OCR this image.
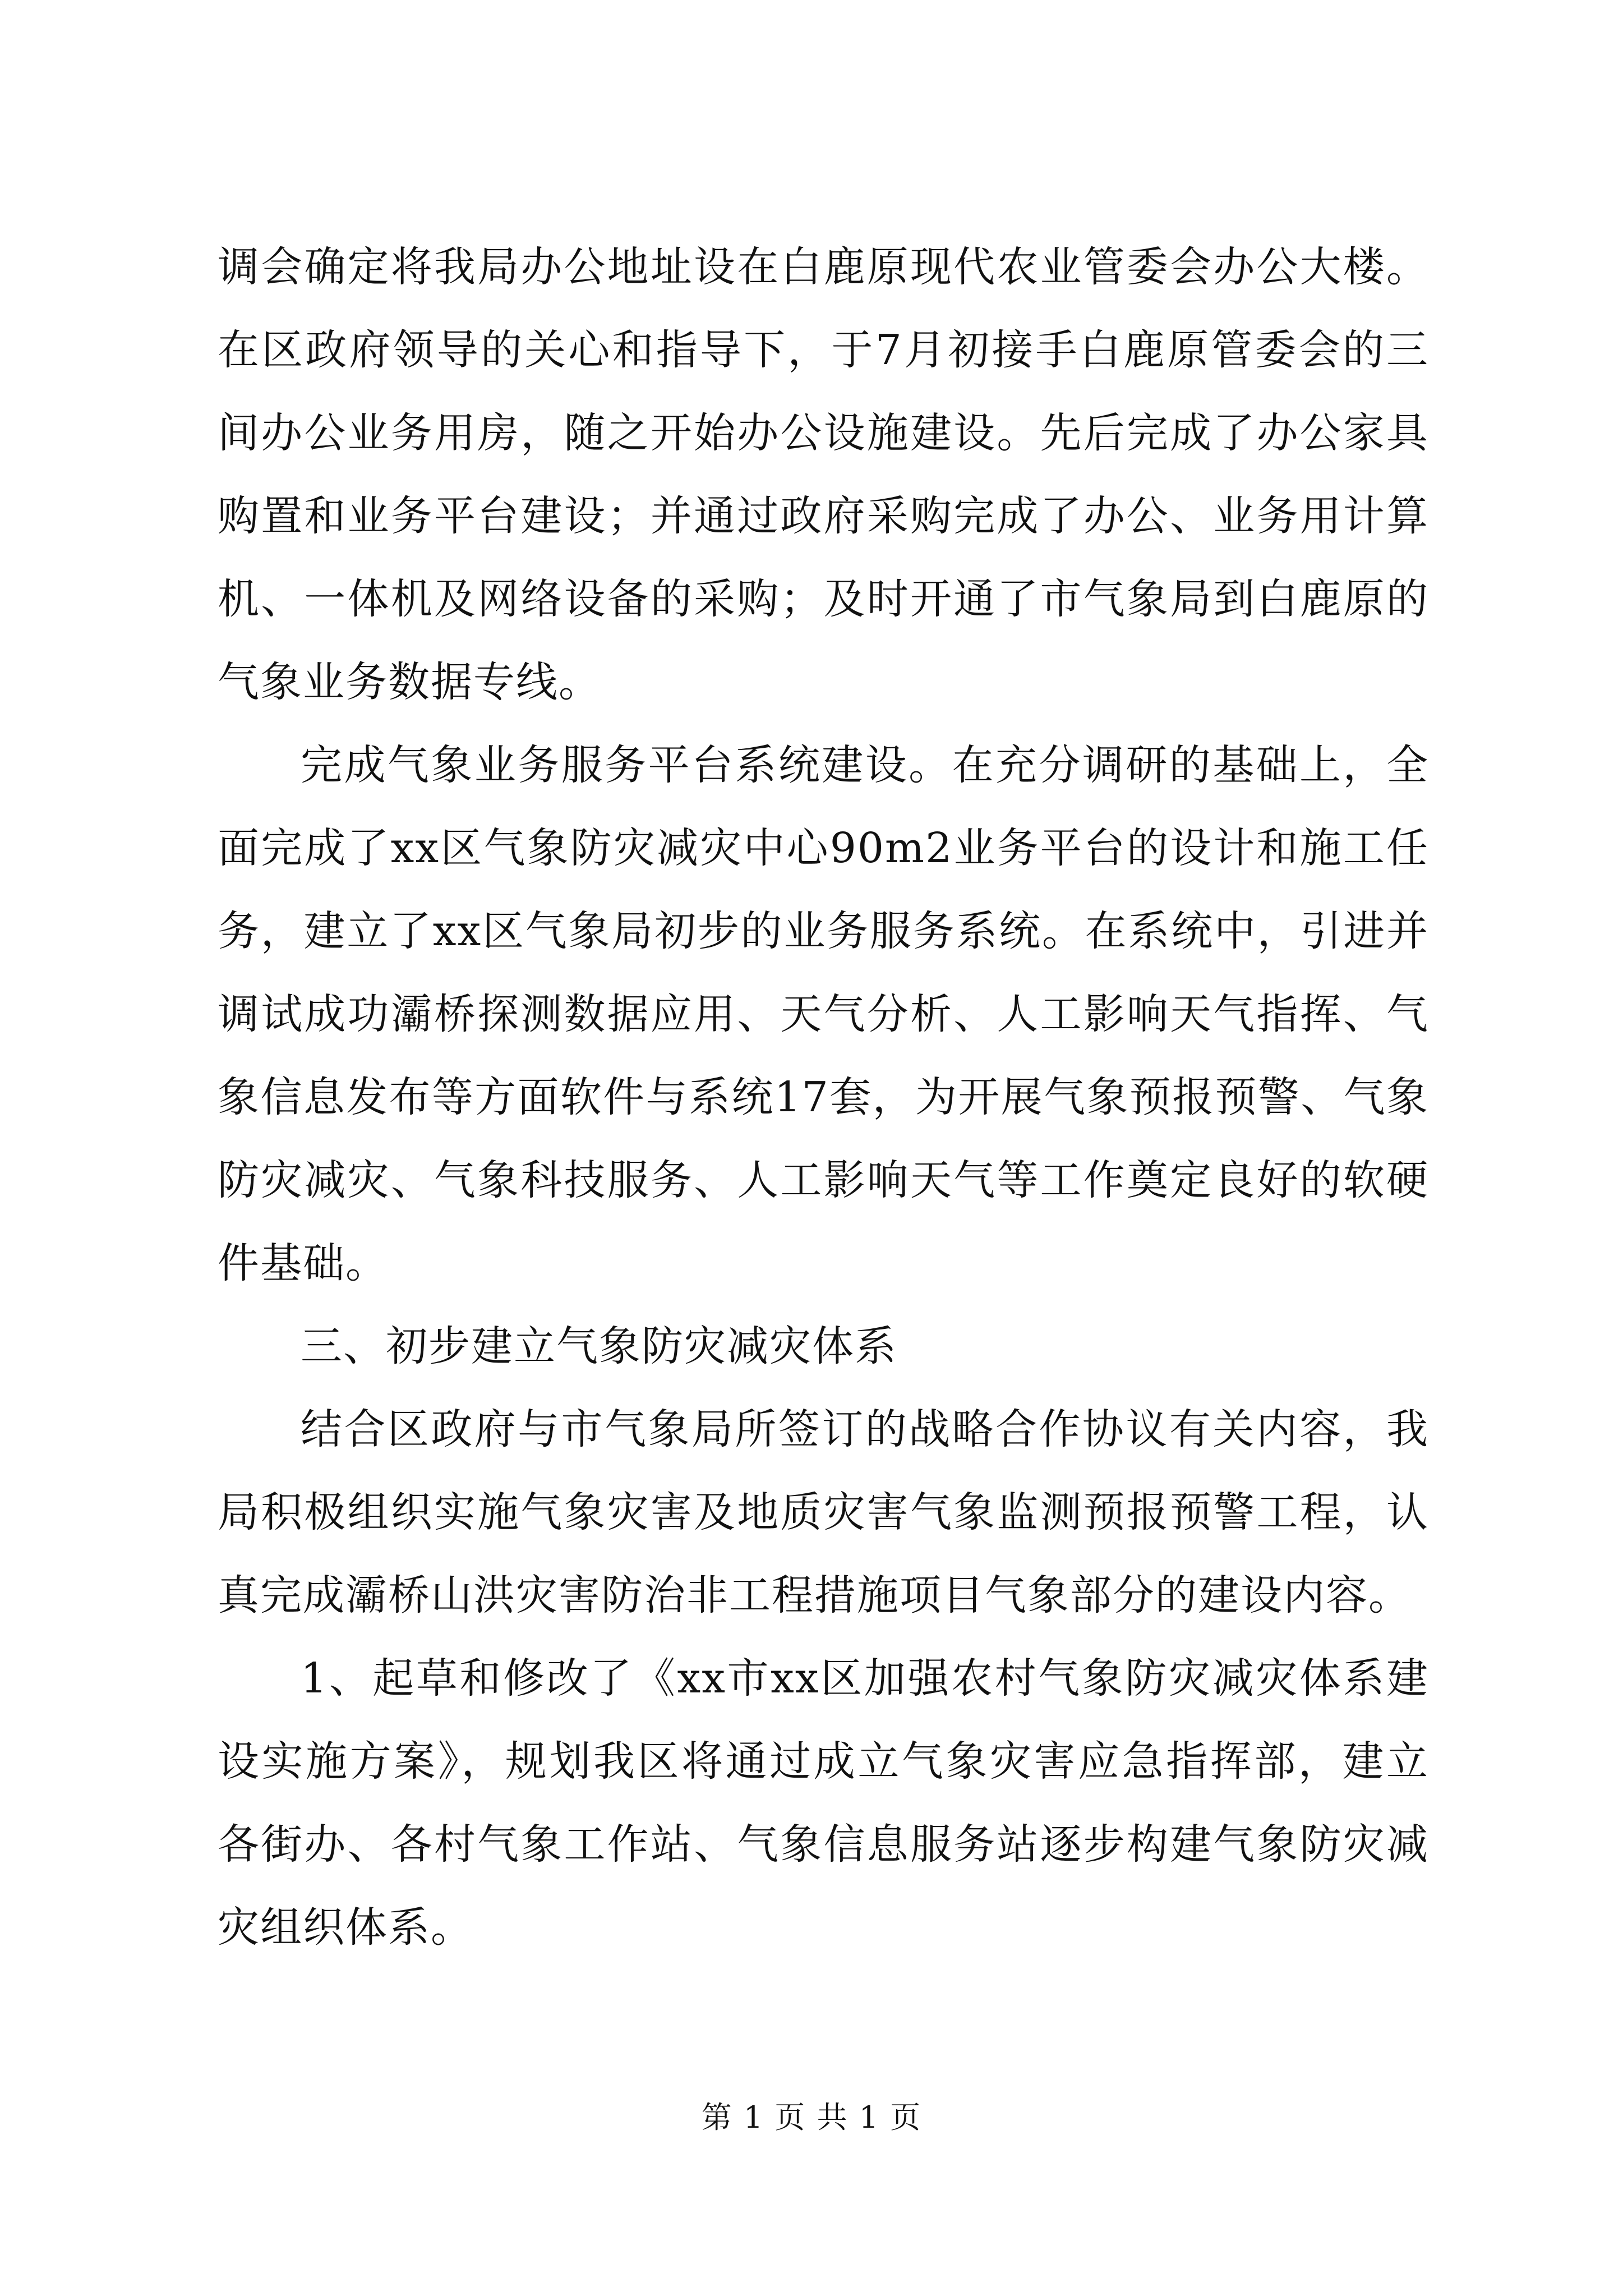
调会确定将我局办公地址设在白鹿原现代农业管委会办公大楼。在区政府领导的关心和指导下，于7月初接手白鹿原管委会的三间办公业务用房，随之开始办公设施建设。先后完成了办公家具购置和业务平台建设；并通过政府采购完成了办公、业务用计算机、一体机及网络设备的采购；及时开通了市气象局到白鹿原的气象业务数据专线。

完成气象业务服务平台系统建设。在充分调研的基础上，全面完成了xx区气象防灾减灾中心90m2业务平台的设计和施工任务，建立了xx区气象局初步的业务服务系统。在系统中，引进并调试成功灞桥探测数据应用、天气分析、人工影响天气指挥、气象信息发布等方面软件与系统17套，为开展气象预报预警、气象防灾减灾、气象科技服务、人工影响天气等工作奠定良好的软硬件基础。

三、初步建立气象防灾减灾体系

结合区政府与市气象局所签订的战略合作协议有关内容，我局积极组织实施气象灾害及地质灾害气象监测预报预警工程，认真完成灞桥山洪灾害防治非工程措施项目气象部分的建设内容。

1、起草和修改了《xx市xx区加强农村气象防灾减灾体系建设实施方案》，规划我区将通过成立气象灾害应急指挥部，建立各街办、各村气象工作站、气象信息服务站逐步构建气象防灾减灾组织体系。

第 1 页 共 1 页
